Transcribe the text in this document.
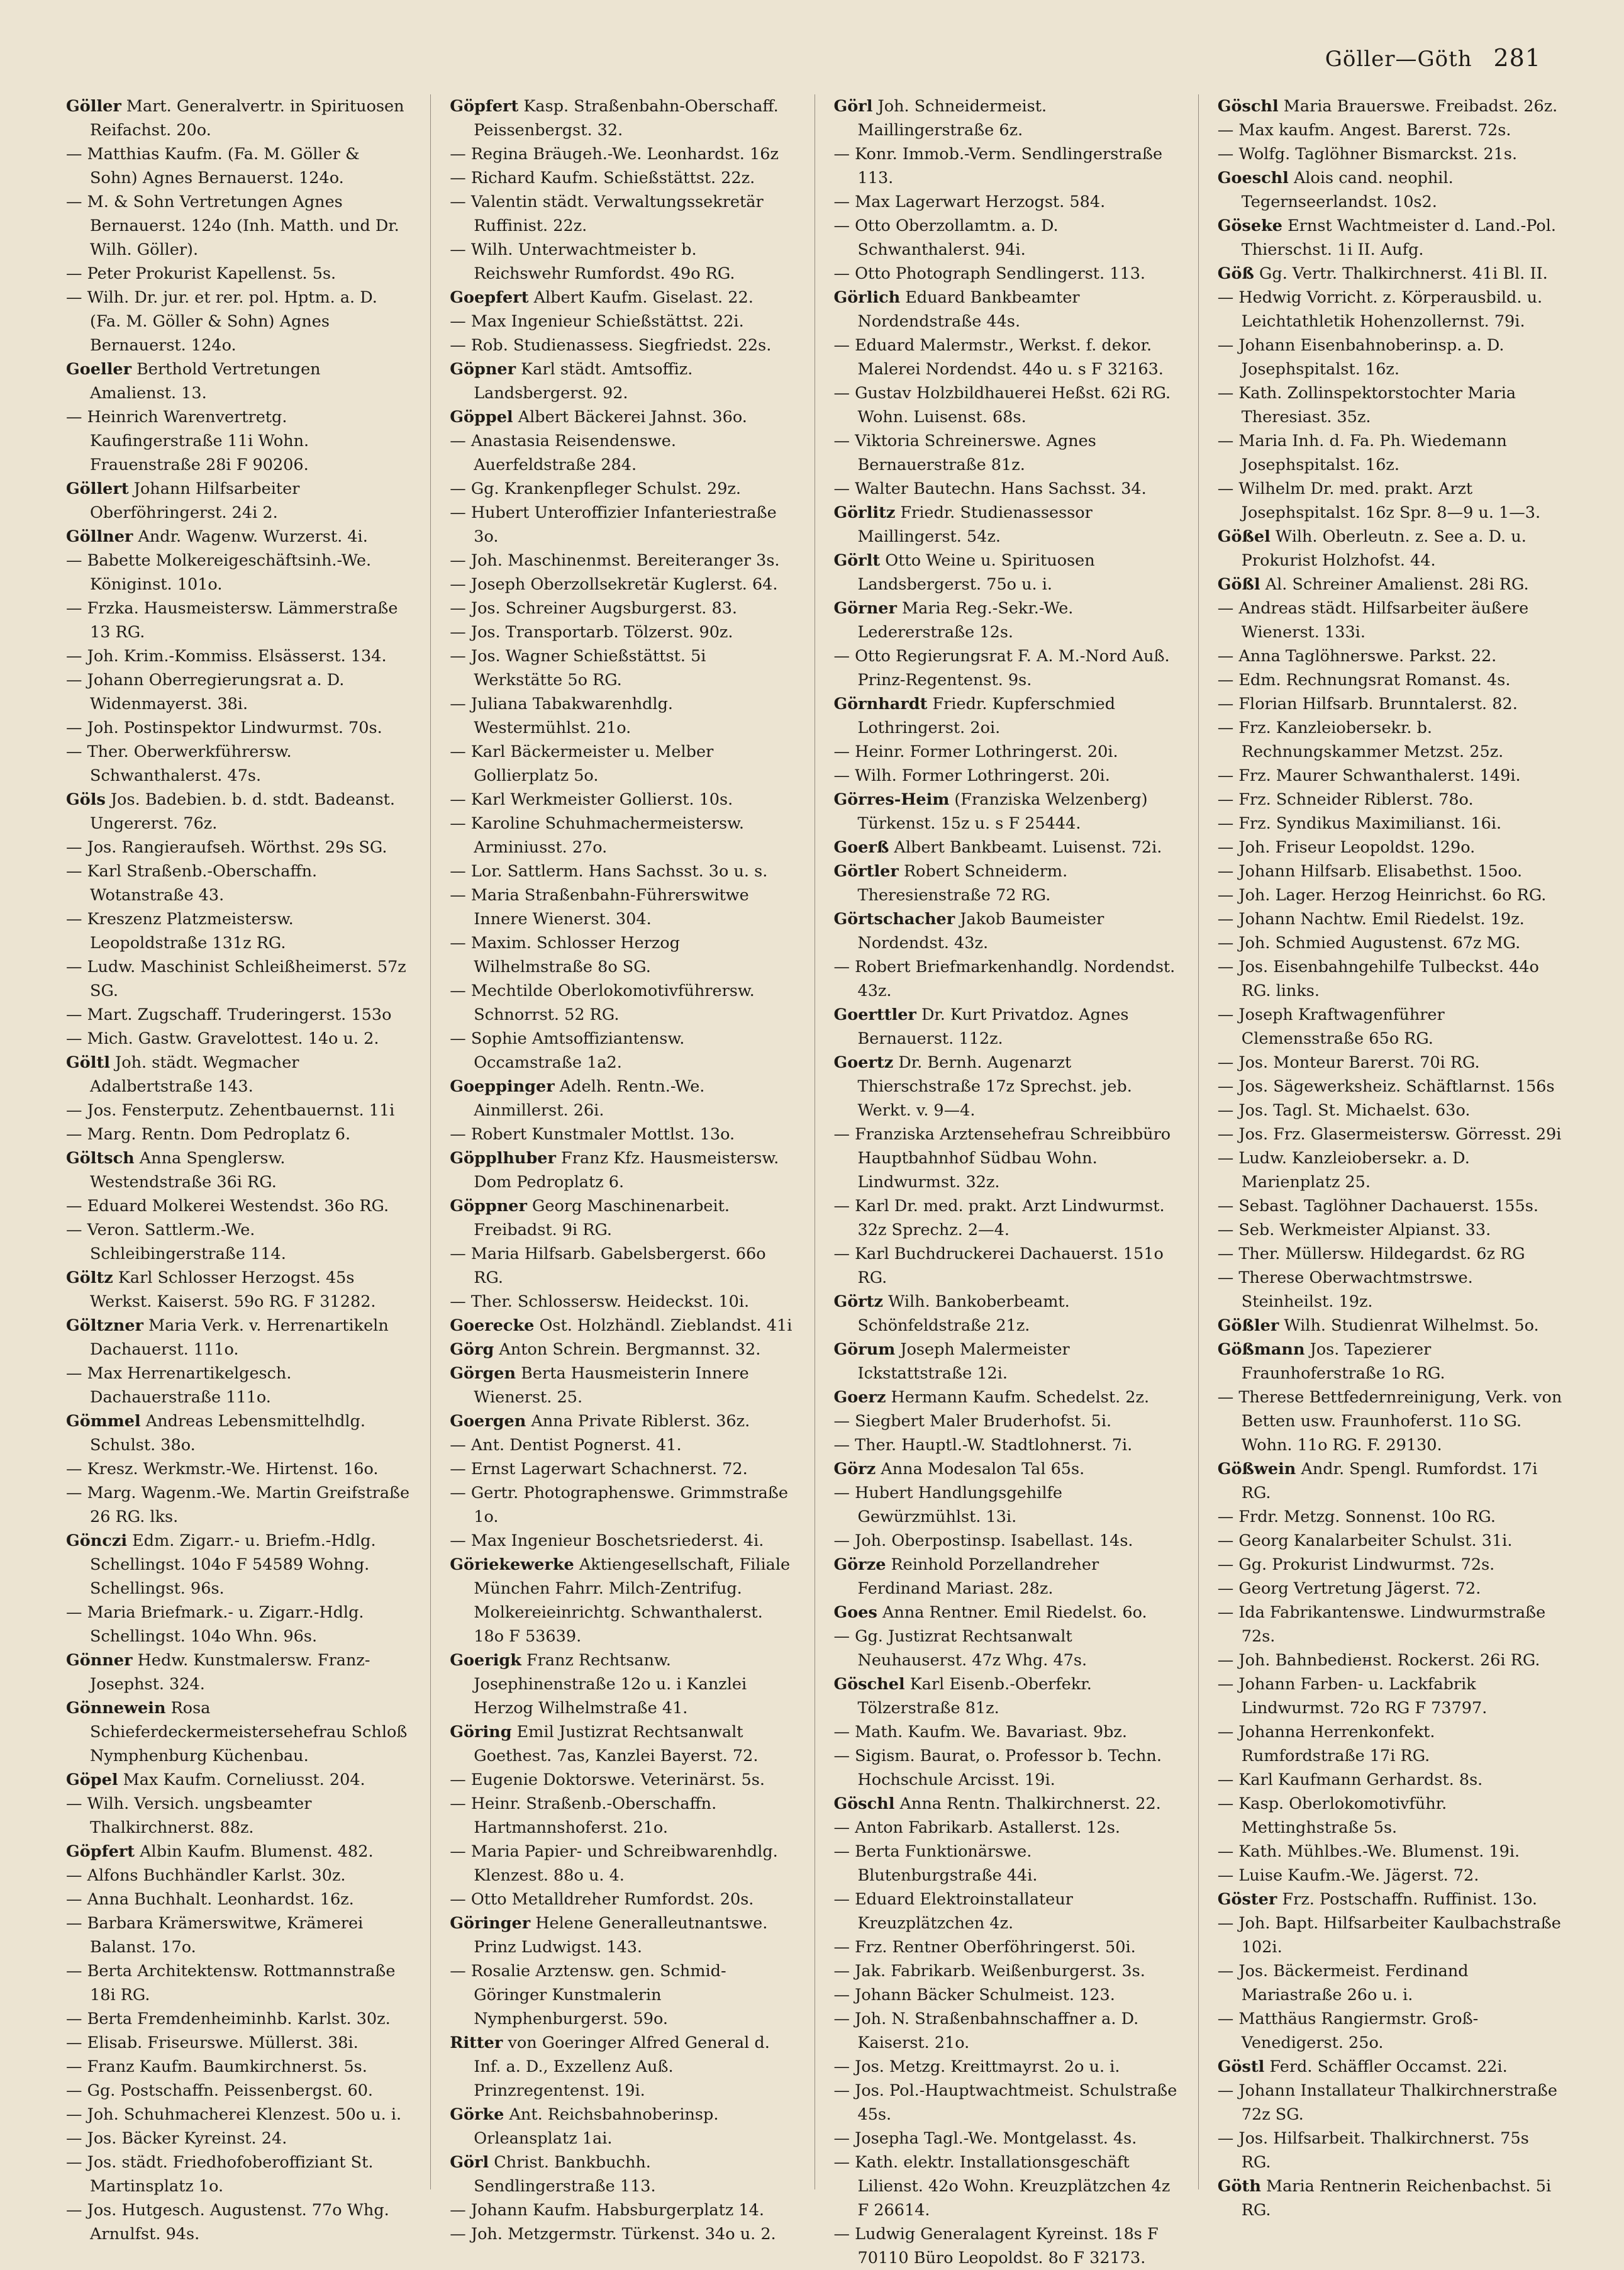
Göller—Göth 281

Göller Mart. Generalvertr. in Spirituosen Reifachst. 20o.

— Matthias Kaufm. (Fa. M. Göller & Sohn) Agnes Bernauerst. 124o.

— M. & Sohn Vertretungen Agnes Bernauerst. 124o (Inh. Matth. und Dr. Wilh. Göller).

— Peter Prokurist Kapellenst. 5s.

— Wilh. Dr. jur. et rer. pol. Hptm. a. D. (Fa. M. Göller & Sohn) Agnes Bernauerst. 124o.

Goeller Berthold Vertretungen Amalienst. 13.

— Heinrich Warenvertretg. Kaufingerstraße 11i Wohn. Frauenstraße 28i F 90206.

Göllert Johann Hilfsarbeiter Oberföhringerst. 24i 2.

Göllner Andr. Wagenw. Wurzerst. 4i.

— Babette Molkereigeschäftsinh.-We. Königinst. 101o.

— Frzka. Hausmeistersw. Lämmerstraße 13 RG.

— Joh. Krim.-Kommiss. Elsässerst. 134.

— Johann Oberregierungsrat a. D. Widenmayerst. 38i.

— Joh. Postinspektor Lindwurmst. 70s.

— Ther. Oberwerkführersw. Schwanthalerst. 47s.

Göls Jos. Badebien. b. d. stdt. Badeanst. Ungererst. 76z.

— Jos. Rangieraufseh. Wörthst. 29s SG.

— Karl Straßenb.-Oberschaffn. Wotanstraße 43.

— Kreszenz Platzmeistersw. Leopoldstraße 131z RG.

— Ludw. Maschinist Schleißheimerst. 57z SG.

— Mart. Zugschaff. Truderingerst. 153o

— Mich. Gastw. Gravelottest. 14o u. 2.

Göltl Joh. städt. Wegmacher Adalbertstraße 143.

— Jos. Fensterputz. Zehentbauernst. 11i

— Marg. Rentn. Dom Pedroplatz 6.

Göltsch Anna Spenglersw. Westendstraße 36i RG.

— Eduard Molkerei Westendst. 36o RG.

— Veron. Sattlerm.-We. Schleibingerstraße 114.

Göltz Karl Schlosser Herzogst. 45s Werkst. Kaiserst. 59o RG. F 31282.

Göltzner Maria Verk. v. Herrenartikeln Dachauerst. 111o.

— Max Herrenartikelgesch. Dachauerstraße 111o.

Gömmel Andreas Lebensmittelhdlg. Schulst. 38o.

— Kresz. Werkmstr.-We. Hirtenst. 16o.

— Marg. Wagenm.-We. Martin Greifstraße 26 RG. lks.

Gönczi Edm. Zigarr.- u. Briefm.-Hdlg. Schellingst. 104o F 54589 Wohng. Schellingst. 96s.

— Maria Briefmark.- u. Zigarr.-Hdlg. Schellingst. 104o Whn. 96s.

Gönner Hedw. Kunstmalersw. Franz-Josephst. 324.

Gönnewein Rosa Schieferdeckermeistersehefrau Schloß Nymphenburg Küchenbau.

Göpel Max Kaufm. Corneliusst. 204.

— Wilh. Versich. ungsbeamter Thalkirchnerst. 88z.

Göpfert Albin Kaufm. Blumenst. 482.

— Alfons Buchhändler Karlst. 30z.

— Anna Buchhalt. Leonhardst. 16z.

— Barbara Krämerswitwe, Krämerei Balanst. 17o.

— Berta Architektensw. Rottmannstraße 18i RG.

— Berta Fremdenheiminhb. Karlst. 30z.

— Elisab. Friseurswe. Müllerst. 38i.

— Franz Kaufm. Baumkirchnerst. 5s.

— Gg. Postschaffn. Peissenbergst. 60.

— Joh. Schuhmacherei Klenzest. 50o u. i.

— Jos. Bäcker Kyreinst. 24.

— Jos. städt. Friedhofoberoffiziant St. Martinsplatz 1o.

— Jos. Hutgesch. Augustenst. 77o Whg. Arnulfst. 94s.

Göpfert Kasp. Straßenbahn-Oberschaff. Peissenbergst. 32.

— Regina Bräugeh.-We. Leonhardst. 16z

— Richard Kaufm. Schießstättst. 22z.

— Valentin städt. Verwaltungssekretär Ruffinist. 22z.

— Wilh. Unterwachtmeister b. Reichswehr Rumfordst. 49o RG.

Goepfert Albert Kaufm. Giselast. 22.

— Max Ingenieur Schießstättst. 22i.

— Rob. Studienassess. Siegfriedst. 22s.

Göpner Karl städt. Amtsoffiz. Landsbergerst. 92.

Göppel Albert Bäckerei Jahnst. 36o.

— Anastasia Reisendenswe. Auerfeldstraße 284.

— Gg. Krankenpfleger Schulst. 29z.

— Hubert Unteroffizier Infanteriestraße 3o.

— Joh. Maschinenmst. Bereiteranger 3s.

— Joseph Oberzollsekretär Kuglerst. 64.

— Jos. Schreiner Augsburgerst. 83.

— Jos. Transportarb. Tölzerst. 90z.

— Jos. Wagner Schießstättst. 5i Werkstätte 5o RG.

— Juliana Tabakwarenhdlg. Westermühlst. 21o.

— Karl Bäckermeister u. Melber Gollierplatz 5o.

— Karl Werkmeister Gollierst. 10s.

— Karoline Schuhmachermeistersw. Arminiusst. 27o.

— Lor. Sattlerm. Hans Sachsst. 3o u. s.

— Maria Straßenbahn-Führerswitwe Innere Wienerst. 304.

— Maxim. Schlosser Herzog Wilhelmstraße 8o SG.

— Mechtilde Oberlokomotivführersw. Schnorrst. 52 RG.

— Sophie Amtsoffiziantensw. Occamstraße 1a2.

Goeppinger Adelh. Rentn.-We. Ainmillerst. 26i.

— Robert Kunstmaler Mottlst. 13o.

Göpplhuber Franz Kfz. Hausmeistersw. Dom Pedroplatz 6.

Göppner Georg Maschinenarbeit. Freibadst. 9i RG.

— Maria Hilfsarb. Gabelsbergerst. 66o RG.

— Ther. Schlossersw. Heideckst. 10i.

Goerecke Ost. Holzhändl. Zieblandst. 41i

Görg Anton Schrein. Bergmannst. 32.

Görgen Berta Hausmeisterin Innere Wienerst. 25.

Goergen Anna Private Riblerst. 36z.

— Ant. Dentist Pognerst. 41.

— Ernst Lagerwart Schachnerst. 72.

— Gertr. Photographenswe. Grimmstraße 1o.

— Max Ingenieur Boschetsriederst. 4i.

Göriekewerke Aktiengesellschaft, Filiale München Fahrr. Milch-Zentrifug. Molkereieinrichtg. Schwanthalerst. 18o F 53639.

Goerigk Franz Rechtsanw. Josephinenstraße 12o u. i Kanzlei Herzog Wilhelmstraße 41.

Göring Emil Justizrat Rechtsanwalt Goethest. 7as, Kanzlei Bayerst. 72.

— Eugenie Doktorswe. Veterinärst. 5s.

— Heinr. Straßenb.-Oberschaffn. Hartmannshoferst. 21o.

— Maria Papier- und Schreibwarenhdlg. Klenzest. 88o u. 4.

— Otto Metalldreher Rumfordst. 20s.

Göringer Helene Generalleutnantswe. Prinz Ludwigst. 143.

— Rosalie Arztensw. gen. Schmid-Göringer Kunstmalerin Nymphenburgerst. 59o.

Ritter von Goeringer Alfred General d. Inf. a. D., Exzellenz Auß. Prinzregentenst. 19i.

Görke Ant. Reichsbahnoberinsp. Orleansplatz 1ai.

Görl Christ. Bankbuchh. Sendlingerstraße 113.

— Johann Kaufm. Habsburgerplatz 14.

— Joh. Metzgermstr. Türkenst. 34o u. 2.

Görl Joh. Schneidermeist. Maillingerstraße 6z.

— Konr. Immob.-Verm. Sendlingerstraße 113.

— Max Lagerwart Herzogst. 584.

— Otto Oberzollamtm. a. D. Schwanthalerst. 94i.

— Otto Photograph Sendlingerst. 113.

Görlich Eduard Bankbeamter Nordendstraße 44s.

— Eduard Malermstr., Werkst. f. dekor. Malerei Nordendst. 44o u. s F 32163.

— Gustav Holzbildhauerei Heßst. 62i RG. Wohn. Luisenst. 68s.

— Viktoria Schreinerswe. Agnes Bernauerstraße 81z.

— Walter Bautechn. Hans Sachsst. 34.

Görlitz Friedr. Studienassessor Maillingerst. 54z.

Görlt Otto Weine u. Spirituosen Landsbergerst. 75o u. i.

Görner Maria Reg.-Sekr.-We. Ledererstraße 12s.

— Otto Regierungsrat F. A. M.-Nord Auß. Prinz-Regentenst. 9s.

Görnhardt Friedr. Kupferschmied Lothringerst. 2oi.

— Heinr. Former Lothringerst. 20i.

— Wilh. Former Lothringerst. 20i.

Görres-Heim (Franziska Welzenberg) Türkenst. 15z u. s F 25444.

Goerß Albert Bankbeamt. Luisenst. 72i.

Görtler Robert Schneiderm. Theresienstraße 72 RG.

Görtschacher Jakob Baumeister Nordendst. 43z.

— Robert Briefmarkenhandlg. Nordendst. 43z.

Goerttler Dr. Kurt Privatdoz. Agnes Bernauerst. 112z.

Goertz Dr. Bernh. Augenarzt Thierschstraße 17z Sprechst. jeb. Werkt. v. 9—4.

— Franziska Arztensehefrau Schreibbüro Hauptbahnhof Südbau Wohn. Lindwurmst. 32z.

— Karl Dr. med. prakt. Arzt Lindwurmst. 32z Sprechz. 2—4.

— Karl Buchdruckerei Dachauerst. 151o RG.

Görtz Wilh. Bankoberbeamt. Schönfeldstraße 21z.

Görum Joseph Malermeister Ickstattstraße 12i.

Goerz Hermann Kaufm. Schedelst. 2z.

— Siegbert Maler Bruderhofst. 5i.

— Ther. Hauptl.-W. Stadtlohnerst. 7i.

Görz Anna Modesalon Tal 65s.

— Hubert Handlungsgehilfe Gewürzmühlst. 13i.

— Joh. Oberpostinsp. Isabellast. 14s.

Görze Reinhold Porzellandreher Ferdinand Mariast. 28z.

Goes Anna Rentner. Emil Riedelst. 6o.

— Gg. Justizrat Rechtsanwalt Neuhauserst. 47z Whg. 47s.

Göschel Karl Eisenb.-Oberfekr. Tölzerstraße 81z.

— Math. Kaufm. We. Bavariast. 9bz.

— Sigism. Baurat, o. Professor b. Techn. Hochschule Arcisst. 19i.

Göschl Anna Rentn. Thalkirchnerst. 22.

— Anton Fabrikarb. Astallerst. 12s.

— Berta Funktionärswe. Blutenburgstraße 44i.

— Eduard Elektroinstallateur Kreuzplätzchen 4z.

— Frz. Rentner Oberföhringerst. 50i.

— Jak. Fabrikarb. Weißenburgerst. 3s.

— Johann Bäcker Schulmeist. 123.

— Joh. N. Straßenbahnschaffner a. D. Kaiserst. 21o.

— Jos. Metzg. Kreittmayrst. 2o u. i.

— Jos. Pol.-Hauptwachtmeist. Schulstraße 45s.

— Josepha Tagl.-We. Montgelasst. 4s.

— Kath. elektr. Installationsgeschäft Lilienst. 42o Wohn. Kreuzplätzchen 4z F 26614.

— Ludwig Generalagent Kyreinst. 18s F 70110 Büro Leopoldst. 8o F 32173.

Göschl Maria Brauerswe. Freibadst. 26z.

— Max kaufm. Angest. Barerst. 72s.

— Wolfg. Taglöhner Bismarckst. 21s.

Goeschl Alois cand. neophil. Tegernseerlandst. 10s2.

Göseke Ernst Wachtmeister d. Land.-Pol. Thierschst. 1i II. Aufg.

Göß Gg. Vertr. Thalkirchnerst. 41i Bl. II.

— Hedwig Vorricht. z. Körperausbild. u. Leichtathletik Hohenzollernst. 79i.

— Johann Eisenbahnoberinsp. a. D. Josephspitalst. 16z.

— Kath. Zollinspektorstochter Maria Theresiast. 35z.

— Maria Inh. d. Fa. Ph. Wiedemann Josephspitalst. 16z.

— Wilhelm Dr. med. prakt. Arzt Josephspitalst. 16z Spr. 8—9 u. 1—3.

Gößel Wilh. Oberleutn. z. See a. D. u. Prokurist Holzhofst. 44.

Gößl Al. Schreiner Amalienst. 28i RG.

— Andreas städt. Hilfsarbeiter äußere Wienerst. 133i.

— Anna Taglöhnerswe. Parkst. 22.

— Edm. Rechnungsrat Romanst. 4s.

— Florian Hilfsarb. Brunntalerst. 82.

— Frz. Kanzleiobersekr. b. Rechnungskammer Metzst. 25z.

— Frz. Maurer Schwanthalerst. 149i.

— Frz. Schneider Riblerst. 78o.

— Frz. Syndikus Maximilianst. 16i.

— Joh. Friseur Leopoldst. 129o.

— Johann Hilfsarb. Elisabethst. 15oo.

— Joh. Lager. Herzog Heinrichst. 6o RG.

— Johann Nachtw. Emil Riedelst. 19z.

— Joh. Schmied Augustenst. 67z MG.

— Jos. Eisenbahngehilfe Tulbeckst. 44o RG. links.

— Joseph Kraftwagenführer Clemensstraße 65o RG.

— Jos. Monteur Barerst. 70i RG.

— Jos. Sägewerksheiz. Schäftlarnst. 156s

— Jos. Tagl. St. Michaelst. 63o.

— Jos. Frz. Glasermeistersw. Görresst. 29i

— Ludw. Kanzleiobersekr. a. D. Marienplatz 25.

— Sebast. Taglöhner Dachauerst. 155s.

— Seb. Werkmeister Alpianst. 33.

— Ther. Müllersw. Hildegardst. 6z RG

— Therese Oberwachtmstrswe. Steinheilst. 19z.

Gößler Wilh. Studienrat Wilhelmst. 5o.

Gößmann Jos. Tapezierer Fraunhoferstraße 1o RG.

— Therese Bettfedernreinigung, Verk. von Betten usw. Fraunhoferst. 11o SG. Wohn. 11o RG. F. 29130.

Gößwein Andr. Spengl. Rumfordst. 17i RG.

— Frdr. Metzg. Sonnenst. 10o RG.

— Georg Kanalarbeiter Schulst. 31i.

— Gg. Prokurist Lindwurmst. 72s.

— Georg Vertretung Jägerst. 72.

— Ida Fabrikantenswe. Lindwurmstraße 72s.

— Joh. Bahnbediенst. Rockerst. 26i RG.

— Johann Farben- u. Lackfabrik Lindwurmst. 72o RG F 73797.

— Johanna Herrenkonfekt. Rumfordstraße 17i RG.

— Karl Kaufmann Gerhardst. 8s.

— Kasp. Oberlokomotivführ. Mettinghstraße 5s.

— Kath. Mühlbes.-We. Blumenst. 19i.

— Luise Kaufm.-We. Jägerst. 72.

Göster Frz. Postschaffn. Ruffinist. 13o.

— Joh. Bapt. Hilfsarbeiter Kaulbachstraße 102i.

— Jos. Bäckermeist. Ferdinand Mariastraße 26o u. i.

— Matthäus Rangiermstr. Groß-Venedigerst. 25o.

Göstl Ferd. Schäffler Occamst. 22i.

— Johann Installateur Thalkirchnerstraße 72z SG.

— Jos. Hilfsarbeit. Thalkirchnerst. 75s RG.

Göth Maria Rentnerin Reichenbachst. 5i RG.
